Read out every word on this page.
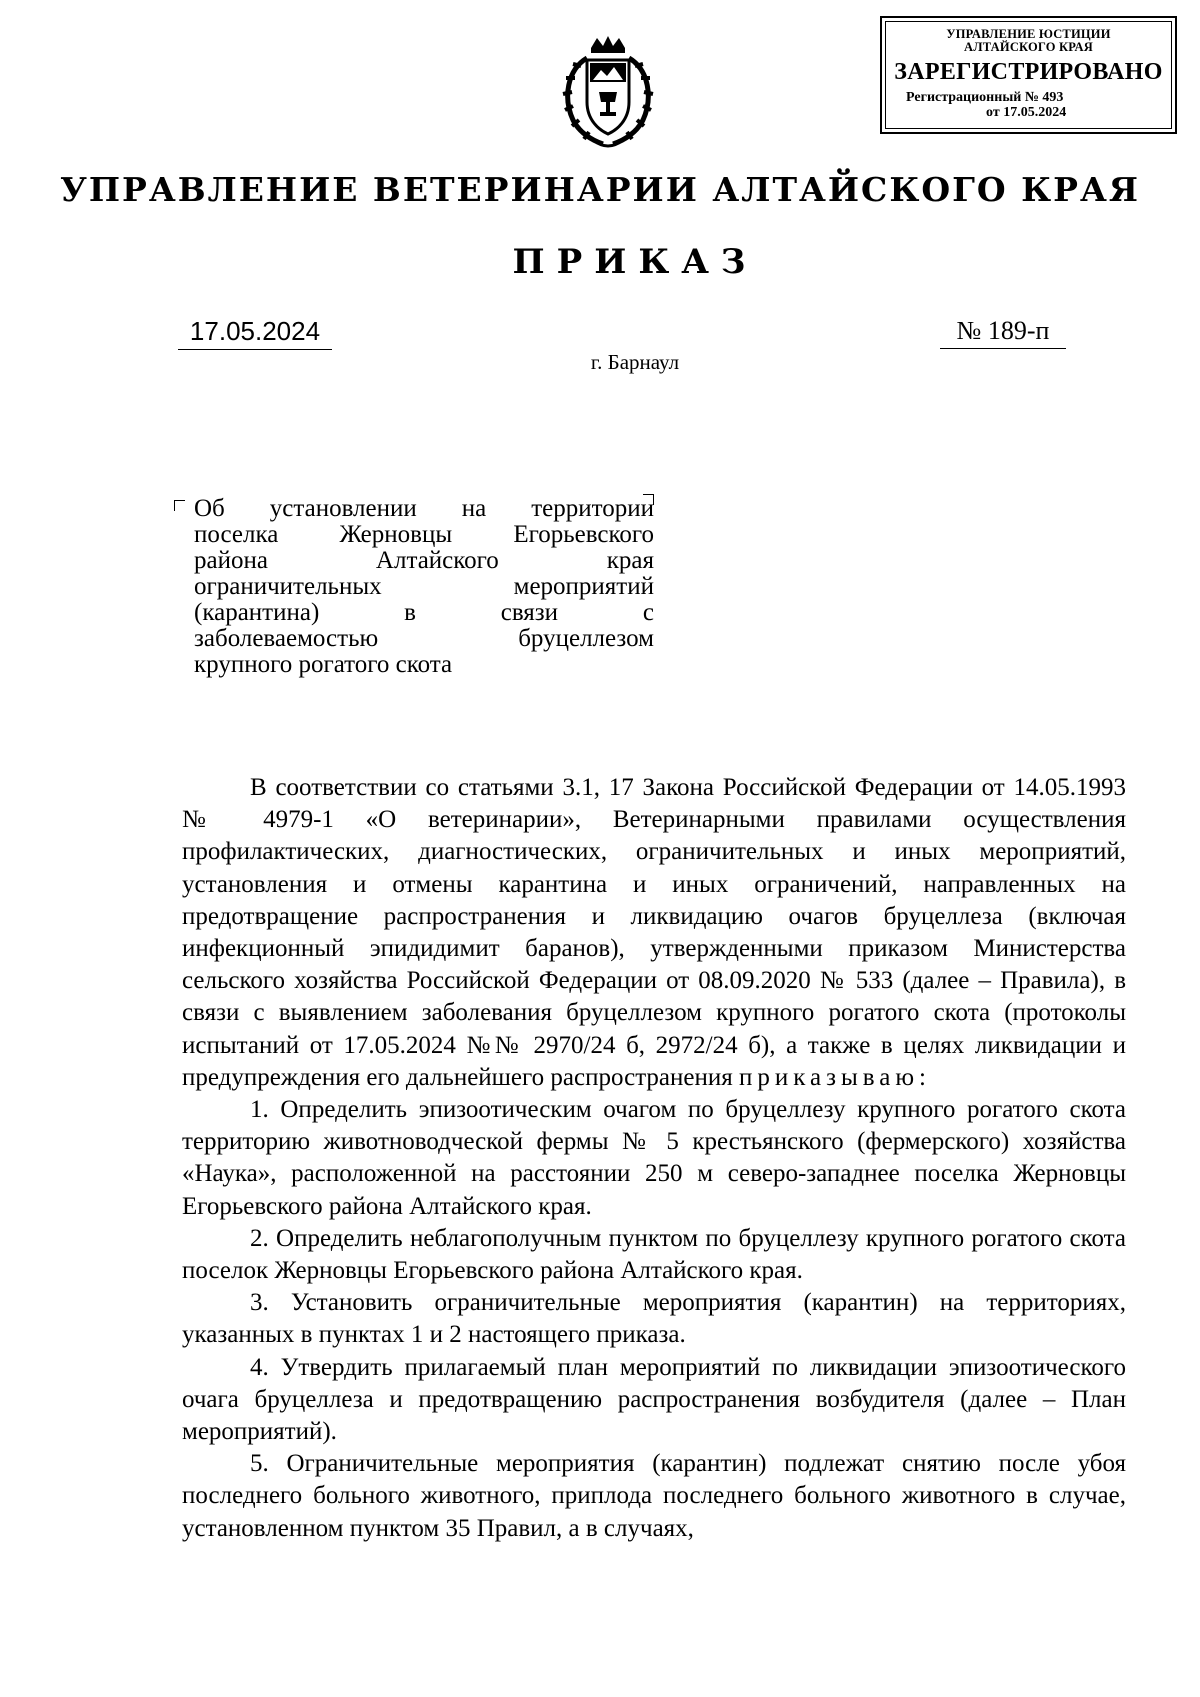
УПРАВЛЕНИЕ ЮСТИЦИИ
АЛТАЙСКОГО КРАЯ
ЗАРЕГИСТРИРОВАНО
Регистрационный № 493
от 17.05.2024
УПРАВЛЕНИЕ ВЕТЕРИНАРИИ АЛТАЙСКОГО КРАЯ
ПРИКАЗ
17.05.2024	№ 189-п
г. Барнаул
Об установлении на территории
поселка Жерновцы Егорьевского
района Алтайского края
ограничительных мероприятий
(карантина) в связи с
заболеваемостью бруцеллезом
крупного рогатого скота

В соответствии со статьями 3.1, 17 Закона Российской Федерации от 14.05.1993 № 4979-1 «О ветеринарии», Ветеринарными правилами осуществления профилактических, диагностических, ограничительных и иных мероприятий, установления и отмены карантина и иных ограничений, направленных на предотвращение распространения и ликвидацию очагов бруцеллеза (включая инфекционный эпидидимит баранов), утвержденными приказом Министерства сельского хозяйства Российской Федерации от 08.09.2020 № 533 (далее – Правила), в связи с выявлением заболевания бруцеллезом крупного рогатого скота (протоколы испытаний от 17.05.2024 №№ 2970/24 б, 2972/24 б), а также в целях ликвидации и предупреждения его дальнейшего распространения приказываю:

1. Определить эпизоотическим очагом по бруцеллезу крупного рогатого скота территорию животноводческой фермы № 5 крестьянского (фермерского) хозяйства «Наука», расположенной на расстоянии 250 м северо-западнее поселка Жерновцы Егорьевского района Алтайского края.

2. Определить неблагополучным пунктом по бруцеллезу крупного рогатого скота поселок Жерновцы Егорьевского района Алтайского края.

3. Установить ограничительные мероприятия (карантин) на территориях, указанных в пунктах 1 и 2 настоящего приказа.

4. Утвердить прилагаемый план мероприятий по ликвидации эпизоотического очага бруцеллеза и предотвращению распространения возбудителя (далее – План мероприятий).

5. Ограничительные мероприятия (карантин) подлежат снятию после убоя последнего больного животного, приплода последнего больного животного в случае, установленном пунктом 35 Правил, а в случаях,
